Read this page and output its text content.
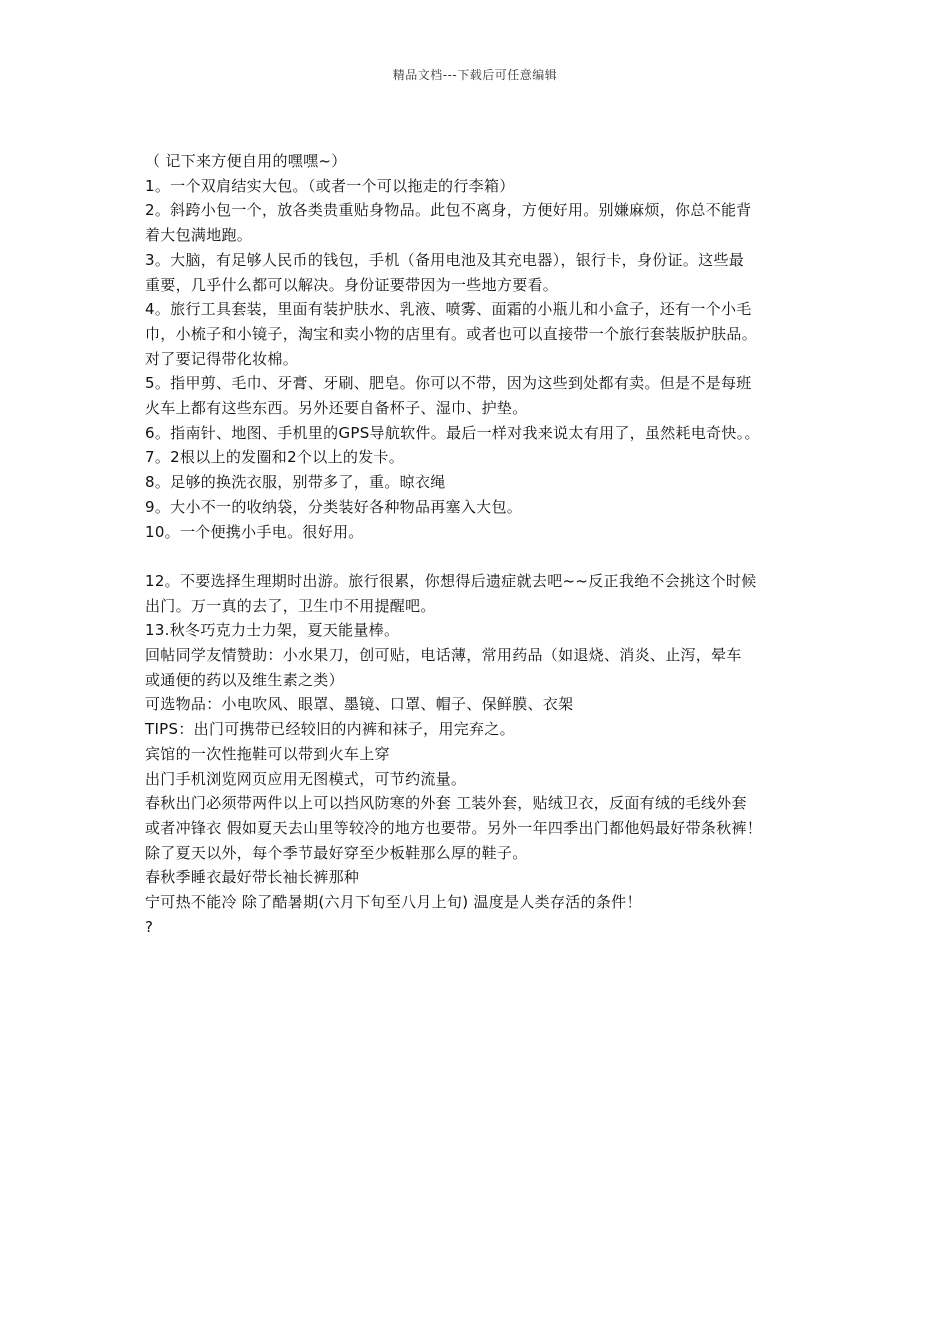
精品文档---下载后可任意编辑
（ 记下来方便自用的嘿嘿~）
1。一个双肩结实大包。（或者一个可以拖走的行李箱）
2。斜跨小包一个，放各类贵重贴身物品。此包不离身，方便好用。别嫌麻烦，你总不能背
着大包满地跑。
3。大脑，有足够人民币的钱包，手机（备用电池及其充电器），银行卡，身份证。这些最
重要，几乎什么都可以解决。身份证要带因为一些地方要看。
4。旅行工具套装，里面有装护肤水、乳液、喷雾、面霜的小瓶儿和小盒子，还有一个小毛
巾，小梳子和小镜子，淘宝和卖小物的店里有。或者也可以直接带一个旅行套装版护肤品。
对了要记得带化妆棉。
5。指甲剪、毛巾、牙膏、牙刷、肥皂。你可以不带，因为这些到处都有卖。但是不是每班
火车上都有这些东西。另外还要自备杯子、湿巾、护垫。
6。指南针、地图、手机里的GPS导航软件。最后一样对我来说太有用了，虽然耗电奇快。。
7。2根以上的发圈和2个以上的发卡。
8。足够的换洗衣服，别带多了，重。晾衣绳
9。大小不一的收纳袋，分类装好各种物品再塞入大包。
10。一个便携小手电。很好用。
12。不要选择生理期时出游。旅行很累，你想得后遗症就去吧~~反正我绝不会挑这个时候
出门。万一真的去了，卫生巾不用提醒吧。
13.秋冬巧克力士力架，夏天能量棒。
回帖同学友情赞助：小水果刀，创可贴，电话薄，常用药品（如退烧、消炎、止泻，晕车
或通便的药以及维生素之类）
可选物品：小电吹风、眼罩、墨镜、口罩、帽子、保鲜膜、衣架
TIPS：出门可携带已经较旧的内裤和袜子，用完弃之。
宾馆的一次性拖鞋可以带到火车上穿
出门手机浏览网页应用无图模式，可节约流量。
春秋出门必须带两件以上可以挡风防寒的外套 工装外套，贴绒卫衣，反面有绒的毛线外套
或者冲锋衣 假如夏天去山里等较冷的地方也要带。另外一年四季出门都他妈最好带条秋裤！
除了夏天以外，每个季节最好穿至少板鞋那么厚的鞋子。
春秋季睡衣最好带长袖长裤那种
宁可热不能冷 除了酷暑期(六月下旬至八月上旬) 温度是人类存活的条件！
?
